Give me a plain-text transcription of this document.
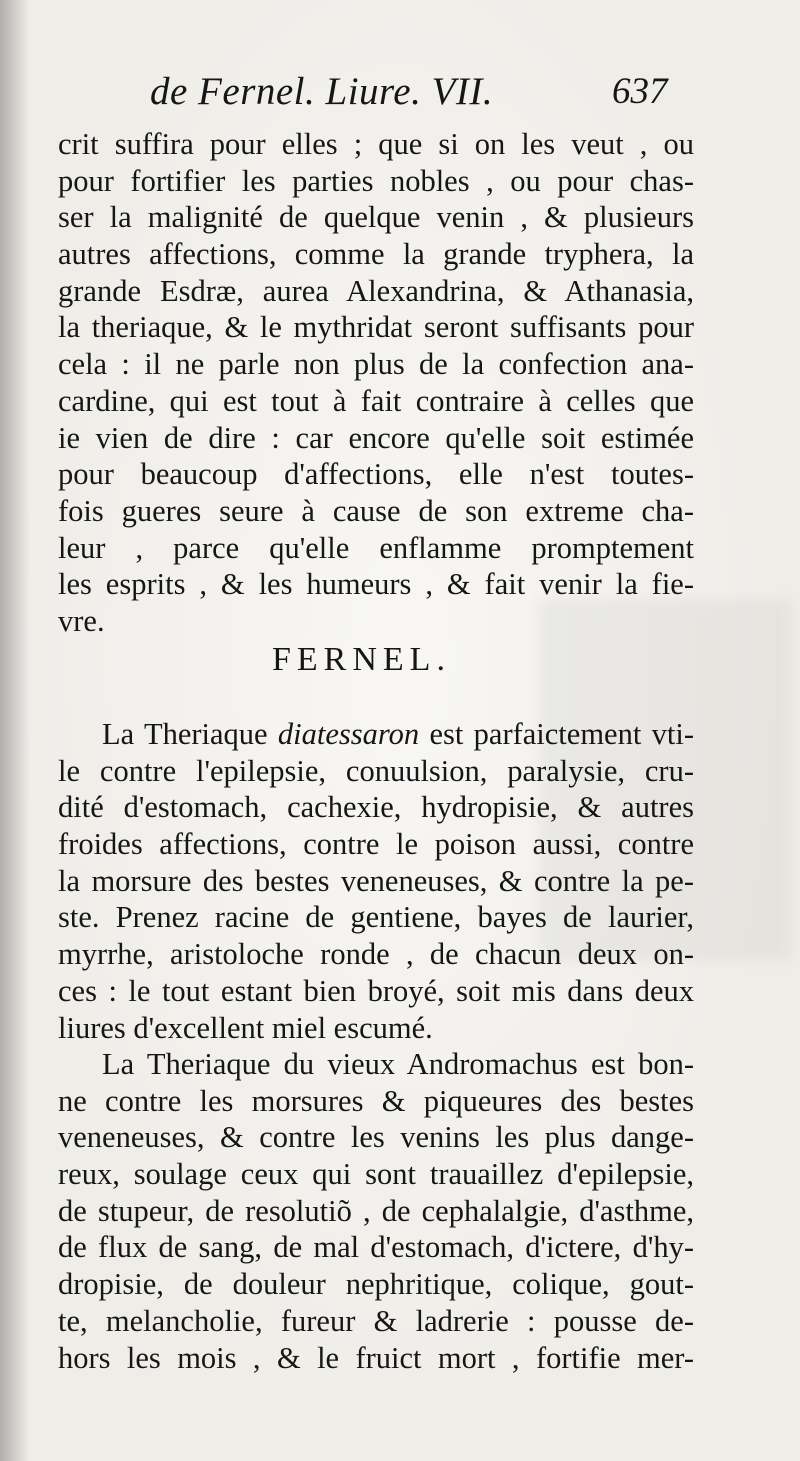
de Fernel. Liure. VII.	637
crit suffira pour elles ; que si on les veut , ou
pour fortifier les parties nobles , ou pour chas-
ser la malignité de quelque venin , & plusieurs
autres affections, comme la grande tryphera, la
grande Esdræ, aurea Alexandrina, & Athanasia,
la theriaque, & le mythridat seront suffisants pour
cela : il ne parle non plus de la confection ana-
cardine, qui est tout à fait contraire à celles que
ie vien de dire : car encore qu'elle soit estimée
pour beaucoup d'affections, elle n'est toutes-
fois gueres seure à cause de son extreme cha-
leur , parce qu'elle enflamme promptement
les esprits , & les humeurs , & fait venir la fie-
vre.
FERNEL.
La Theriaque diatessaron est parfaictement vti-
le contre l'epilepsie, conuulsion, paralysie, cru-
dité d'estomach, cachexie, hydropisie, & autres
froides affections, contre le poison aussi, contre
la morsure des bestes veneneuses, & contre la pe-
ste. Prenez racine de gentiene, bayes de laurier,
myrrhe, aristoloche ronde , de chacun deux on-
ces : le tout estant bien broyé, soit mis dans deux
liures d'excellent miel escumé.
La Theriaque du vieux Andromachus est bon-
ne contre les morsures & piqueures des bestes
veneneuses, & contre les venins les plus dange-
reux, soulage ceux qui sont trauaillez d'epilepsie,
de stupeur, de resolutiõ , de cephalalgie, d'asthme,
de flux de sang, de mal d'estomach, d'ictere, d'hy-
dropisie, de douleur nephritique, colique, gout-
te, melancholie, fureur & ladrerie : pousse de-
hors les mois , & le fruict mort , fortifie mer-
